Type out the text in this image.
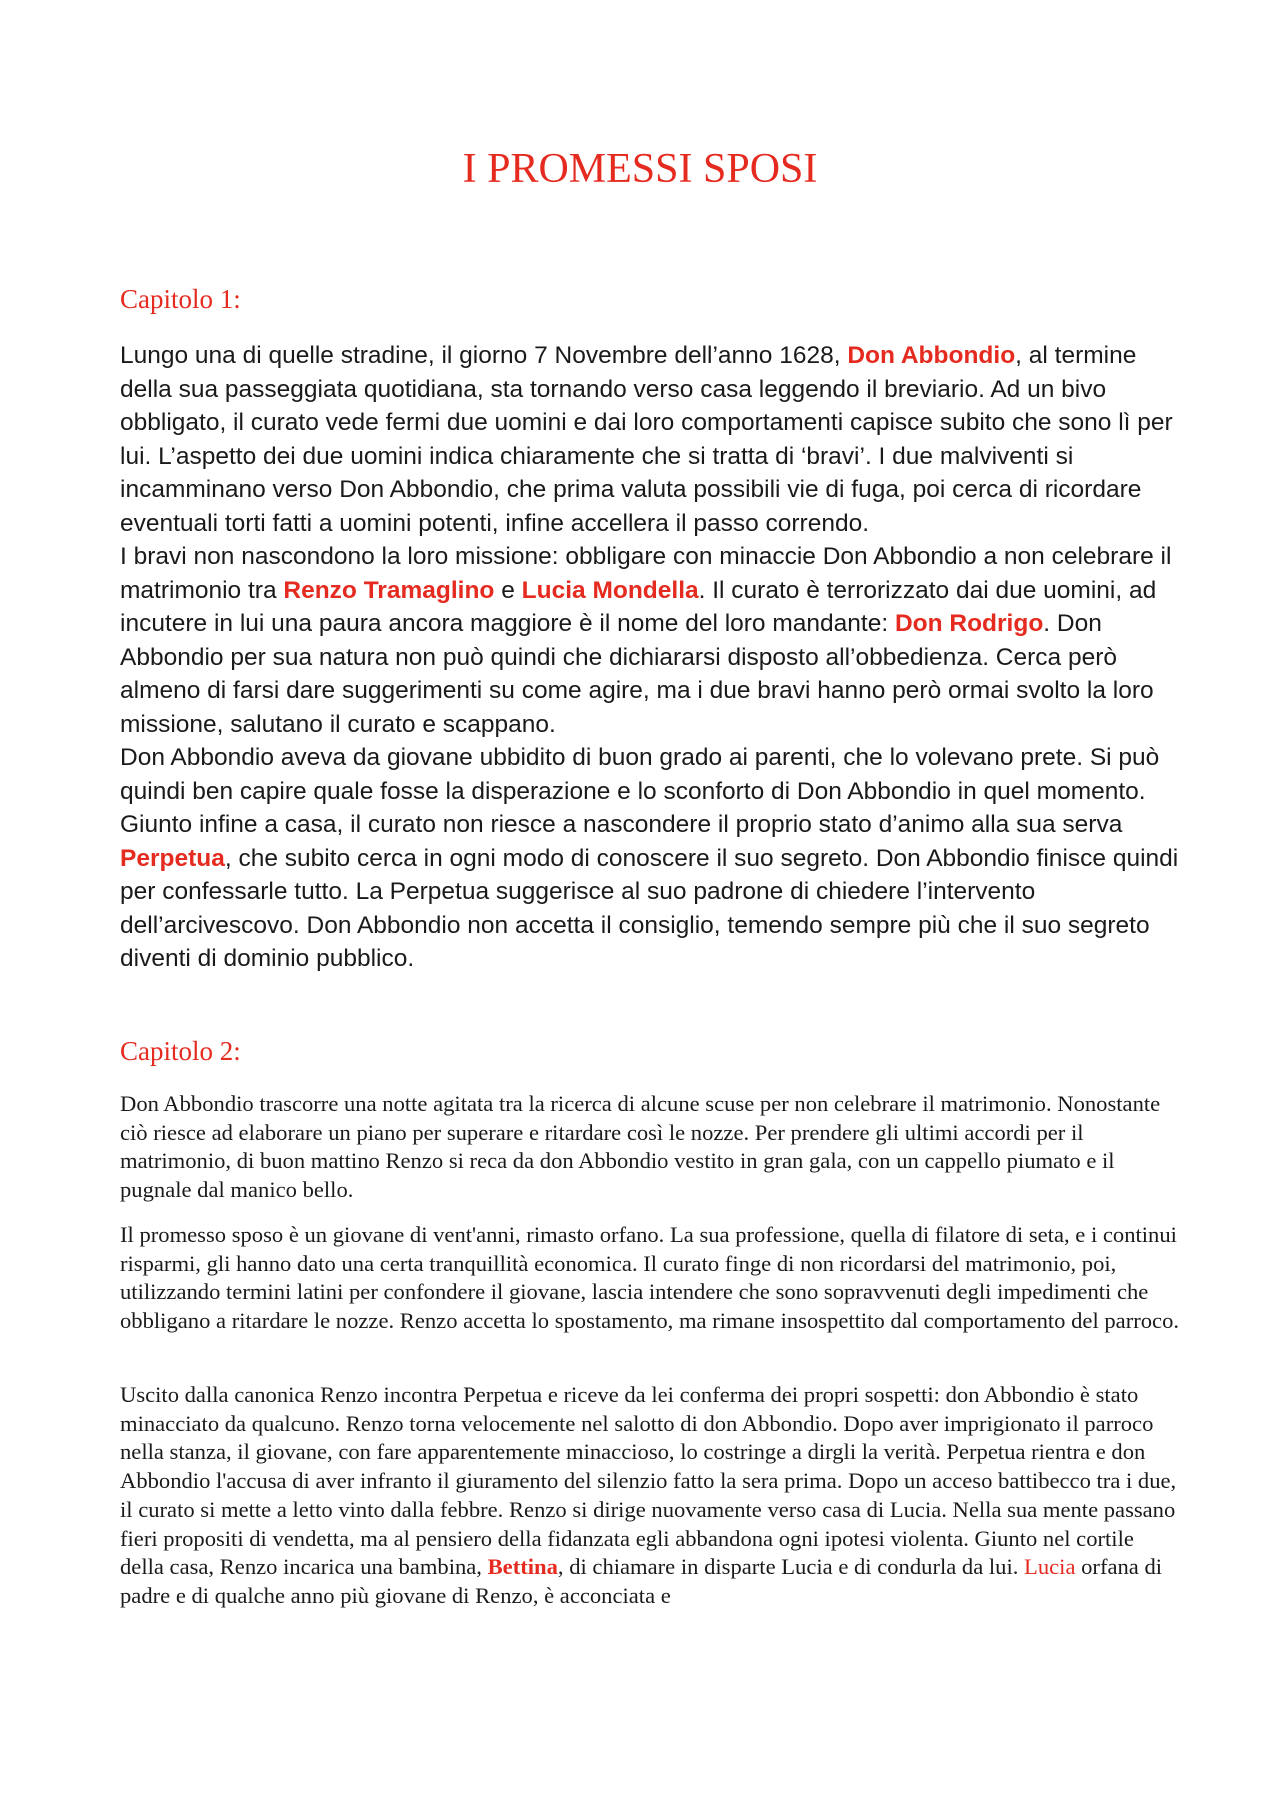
I PROMESSI SPOSI
Capitolo 1:

Lungo una di quelle stradine, il giorno 7 Novembre dell’anno 1628, Don Abbondio, al termine della sua passeggiata quotidiana, sta tornando verso casa leggendo il breviario. Ad un bivo obbligato, il curato vede fermi due uomini e dai loro comportamenti capisce subito che sono lì per lui. L’aspetto dei due uomini indica chiaramente che si tratta di ‘bravi’. I due malviventi si incamminano verso Don Abbondio, che prima valuta possibili vie di fuga, poi cerca di ricordare eventuali torti fatti a uomini potenti, infine accellera il passo correndo.
I bravi non nascondono la loro missione: obbligare con minaccie Don Abbondio a non celebrare il matrimonio tra Renzo Tramaglino e Lucia Mondella. Il curato è terrorizzato dai due uomini, ad incutere in lui una paura ancora maggiore è il nome del loro mandante: Don Rodrigo. Don Abbondio per sua natura non può quindi che dichiararsi disposto all’obbedienza. Cerca però almeno di farsi dare suggerimenti su come agire, ma i due bravi hanno però ormai svolto la loro missione, salutano il curato e scappano.
Don Abbondio aveva da giovane ubbidito di buon grado ai parenti, che lo volevano prete. Si può quindi ben capire quale fosse la disperazione e lo sconforto di Don Abbondio in quel momento. Giunto infine a casa, il curato non riesce a nascondere il proprio stato d’animo alla sua serva Perpetua, che subito cerca in ogni modo di conoscere il suo segreto. Don Abbondio finisce quindi per confessarle tutto. La Perpetua suggerisce al suo padrone di chiedere l’intervento dell’arcivescovo. Don Abbondio non accetta il consiglio, temendo sempre più che il suo segreto diventi di dominio pubblico.

Capitolo 2:

Don Abbondio trascorre una notte agitata tra la ricerca di alcune scuse per non celebrare il matrimonio. Nonostante ciò riesce ad elaborare un piano per superare e ritardare così le nozze. Per prendere gli ultimi accordi per il matrimonio, di buon mattino Renzo si reca da don Abbondio vestito in gran gala, con un cappello piumato e il pugnale dal manico bello.

Il promesso sposo è un giovane di vent'anni, rimasto orfano. La sua professione, quella di filatore di seta, e i continui risparmi, gli hanno dato una certa tranquillità economica. Il curato finge di non ricordarsi del matrimonio, poi, utilizzando termini latini per confondere il giovane, lascia intendere che sono sopravvenuti degli impedimenti che obbligano a ritardare le nozze. Renzo accetta lo spostamento, ma rimane insospettito dal comportamento del parroco.

Uscito dalla canonica Renzo incontra Perpetua e riceve da lei conferma dei propri sospetti: don Abbondio è stato minacciato da qualcuno. Renzo torna velocemente nel salotto di don Abbondio. Dopo aver imprigionato il parroco nella stanza, il giovane, con fare apparentemente minaccioso, lo costringe a dirgli la verità. Perpetua rientra e don Abbondio l'accusa di aver infranto il giuramento del silenzio fatto la sera prima. Dopo un acceso battibecco tra i due, il curato si mette a letto vinto dalla febbre. Renzo si dirige nuovamente verso casa di Lucia. Nella sua mente passano fieri propositi di vendetta, ma al pensiero della fidanzata egli abbandona ogni ipotesi violenta. Giunto nel cortile della casa, Renzo incarica una bambina, Bettina, di chiamare in disparte Lucia e di condurla da lui. Lucia orfana di padre e di qualche anno più giovane di Renzo, è acconciata e
